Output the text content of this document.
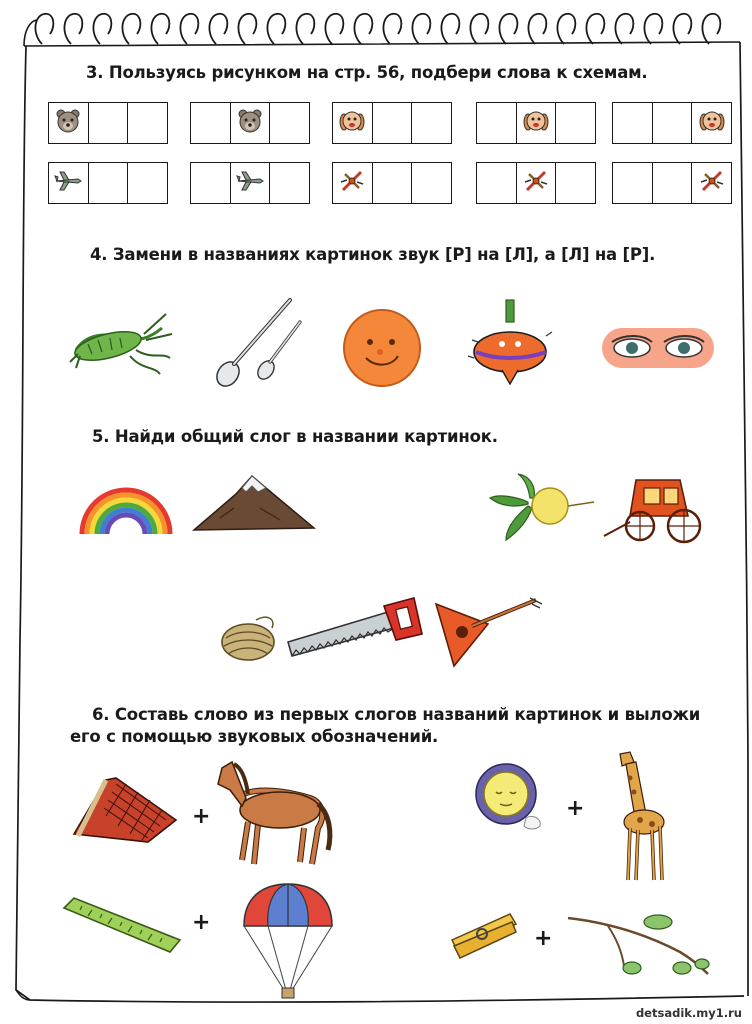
3. Пользуясь рисунком на стр. 56, подбери слова к схемам.
4. Замени в названиях картинок звук [Р] на [Л], а [Л] на [Р].
5. Найди общий слог в названии картинок.
6. Составь слово из первых слогов названий картинок и выложи его с помощью звуковых обозначений.
+	+
+
+
detsadik.my1.ru
